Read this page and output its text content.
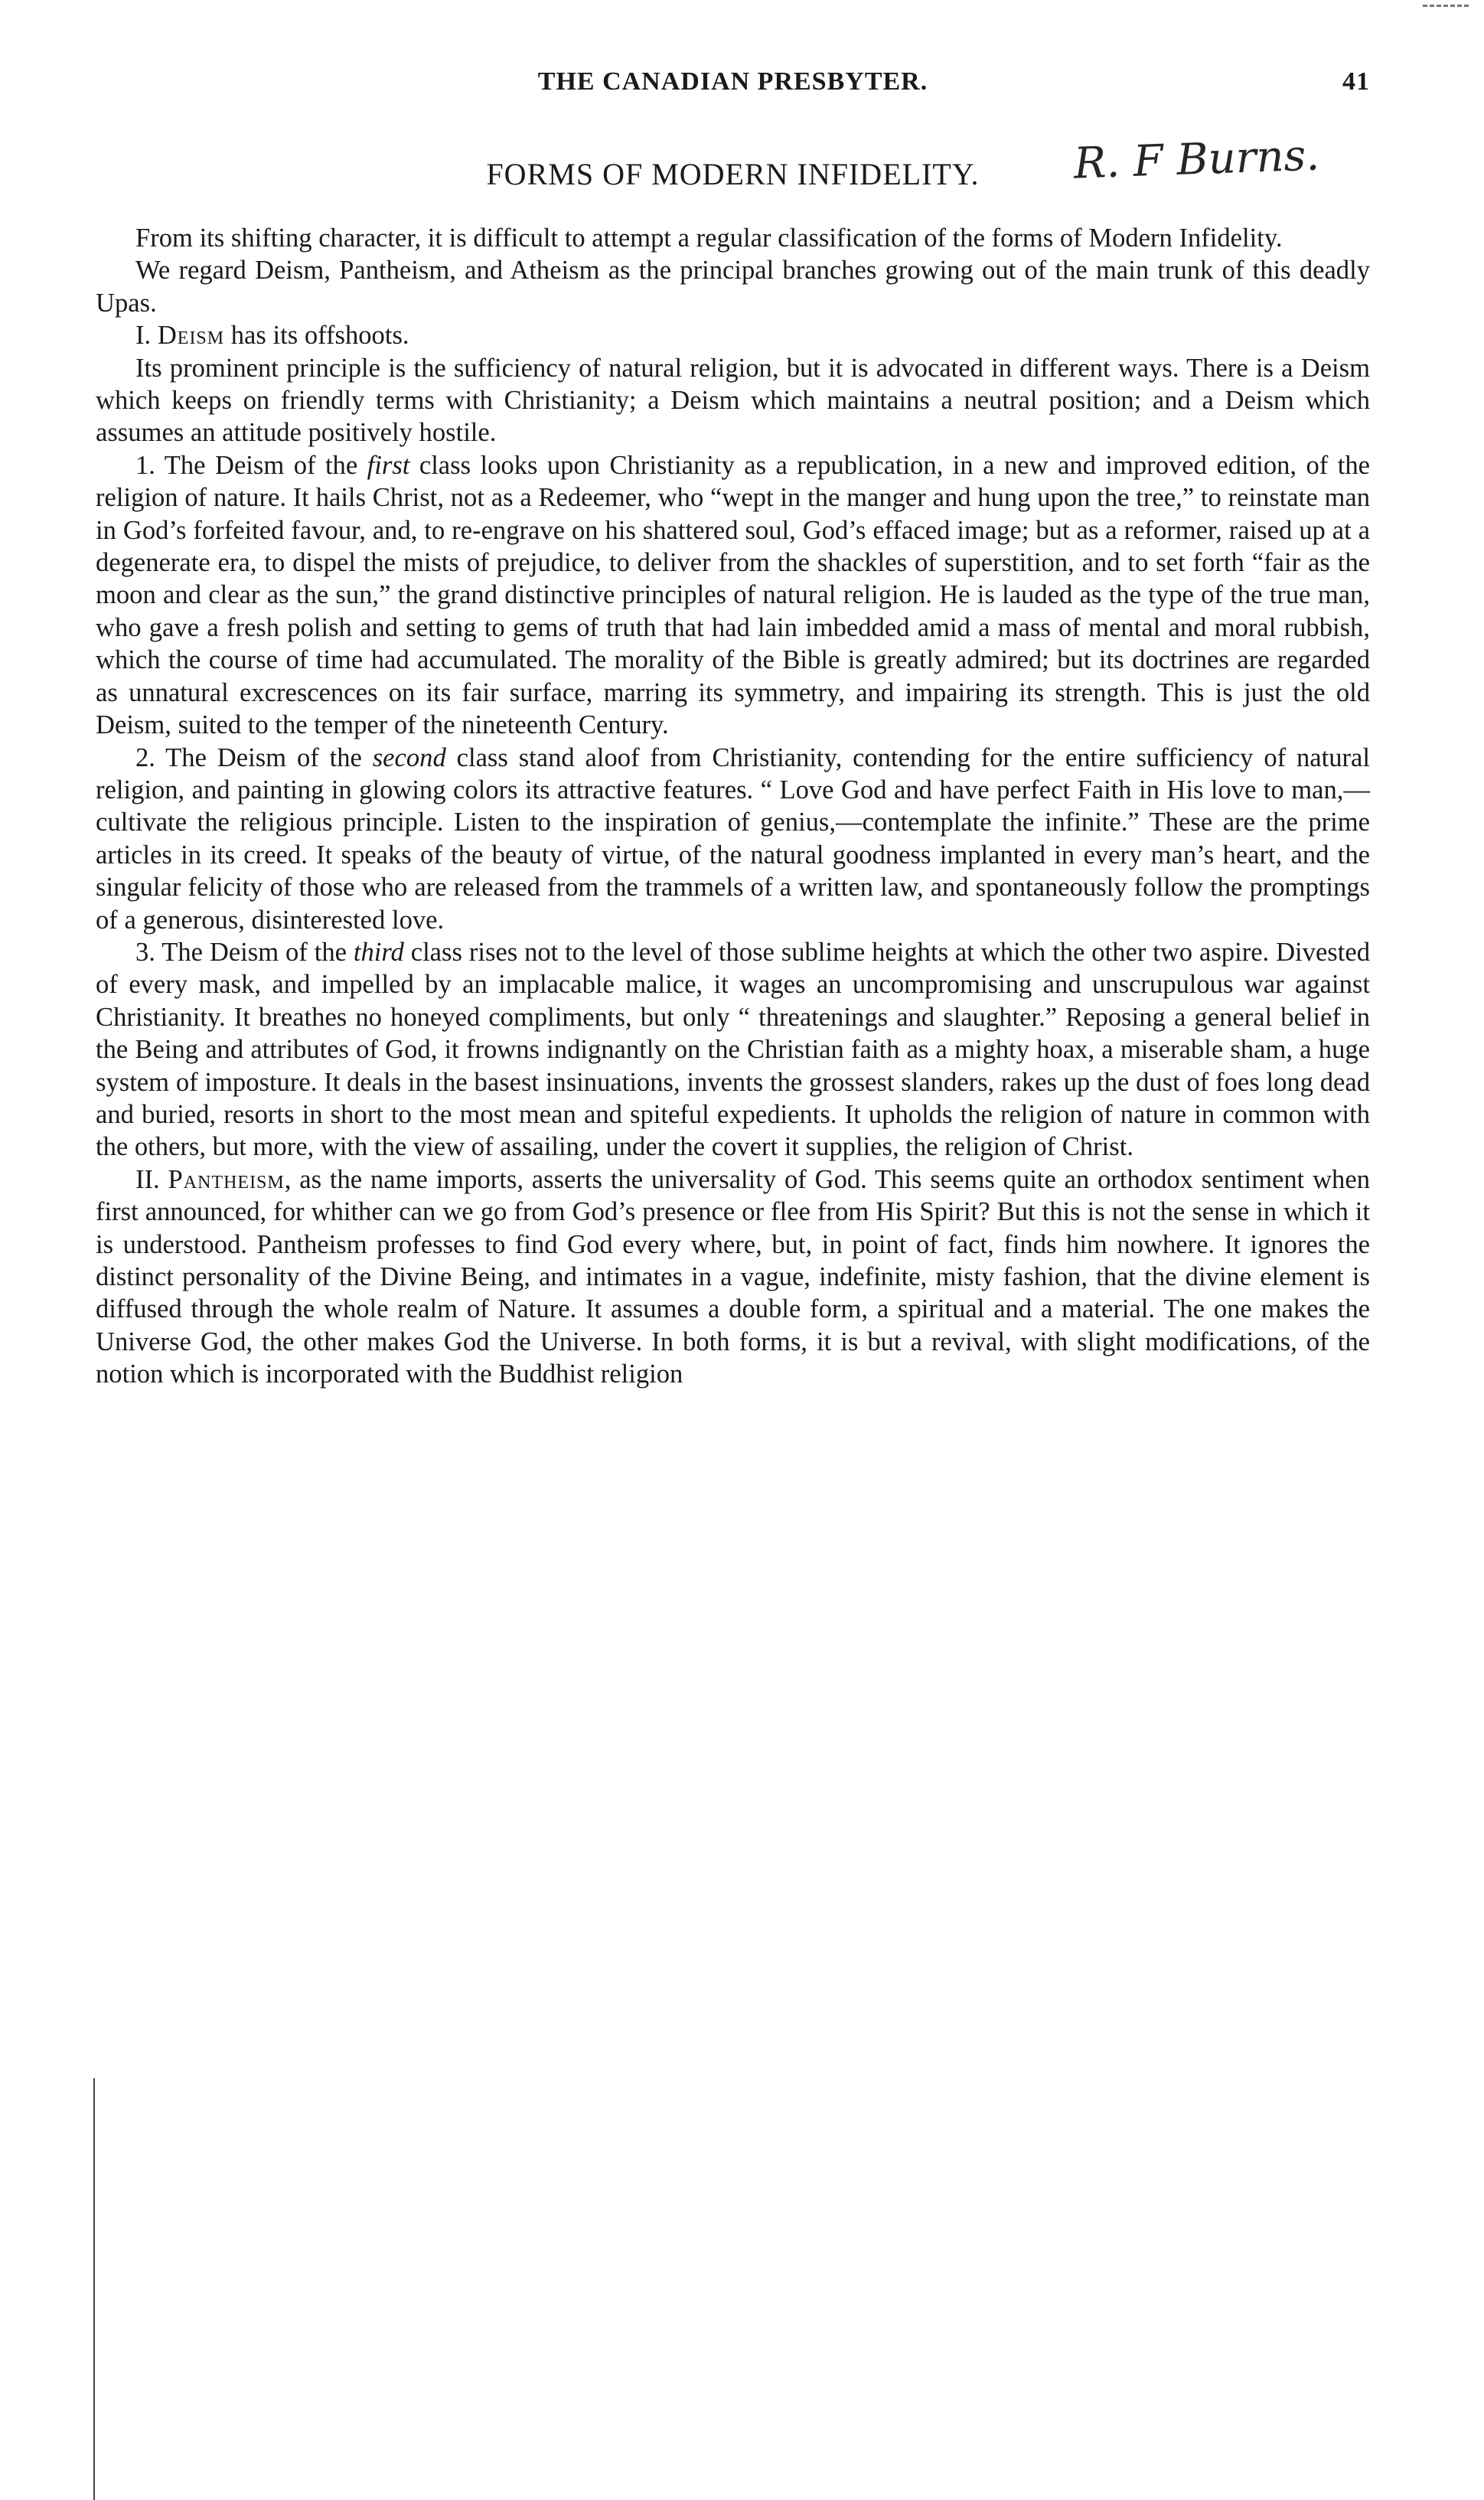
THE CANADIAN PRESBYTER.	41
FORMS OF MODERN INFIDELITY.	R. F Burns.

From its shifting character, it is difficult to attempt a regular classification of the forms of Modern Infidelity.

We regard Deism, Pantheism, and Atheism as the principal branches growing out of the main trunk of this deadly Upas.

I. Deism has its offshoots.

Its prominent principle is the sufficiency of natural religion, but it is advocated in different ways. There is a Deism which keeps on friendly terms with Christianity; a Deism which maintains a neutral position; and a Deism which assumes an attitude positively hostile.

1. The Deism of the first class looks upon Christianity as a republication, in a new and improved edition, of the religion of nature. It hails Christ, not as a Redeemer, who “wept in the manger and hung upon the tree,” to reinstate man in God’s forfeited favour, and, to re-engrave on his shattered soul, God’s effaced image; but as a reformer, raised up at a degenerate era, to dispel the mists of prejudice, to deliver from the shackles of superstition, and to set forth “fair as the moon and clear as the sun,” the grand distinctive principles of natural religion. He is lauded as the type of the true man, who gave a fresh polish and setting to gems of truth that had lain imbedded amid a mass of mental and moral rubbish, which the course of time had accumulated. The morality of the Bible is greatly admired; but its doctrines are regarded as unnatural excrescences on its fair surface, marring its symmetry, and impairing its strength. This is just the old Deism, suited to the temper of the nineteenth Century.

2. The Deism of the second class stand aloof from Christianity, contending for the entire sufficiency of natural religion, and painting in glowing colors its attractive features. “ Love God and have perfect Faith in His love to man,—cultivate the religious principle. Listen to the inspiration of genius,—contemplate the infinite.” These are the prime articles in its creed. It speaks of the beauty of virtue, of the natural goodness implanted in every man’s heart, and the singular felicity of those who are released from the trammels of a written law, and spontaneously follow the promptings of a generous, disinterested love.

3. The Deism of the third class rises not to the level of those sublime heights at which the other two aspire. Divested of every mask, and impelled by an implacable malice, it wages an uncompromising and unscrupulous war against Christianity. It breathes no honeyed compliments, but only “ threatenings and slaughter.” Reposing a general belief in the Being and attributes of God, it frowns indignantly on the Christian faith as a mighty hoax, a miserable sham, a huge system of imposture. It deals in the basest insinuations, invents the grossest slanders, rakes up the dust of foes long dead and buried, resorts in short to the most mean and spiteful expedients. It upholds the religion of nature in common with the others, but more, with the view of assailing, under the covert it supplies, the religion of Christ.

II. Pantheism, as the name imports, asserts the universality of God. This seems quite an orthodox sentiment when first announced, for whither can we go from God’s presence or flee from His Spirit? But this is not the sense in which it is understood. Pantheism professes to find God every where, but, in point of fact, finds him nowhere. It ignores the distinct personality of the Divine Being, and intimates in a vague, indefinite, misty fashion, that the divine element is diffused through the whole realm of Nature. It assumes a double form, a spiritual and a material. The one makes the Universe God, the other makes God the Universe. In both forms, it is but a revival, with slight modifications, of the notion which is incorporated with the Buddhist religion
